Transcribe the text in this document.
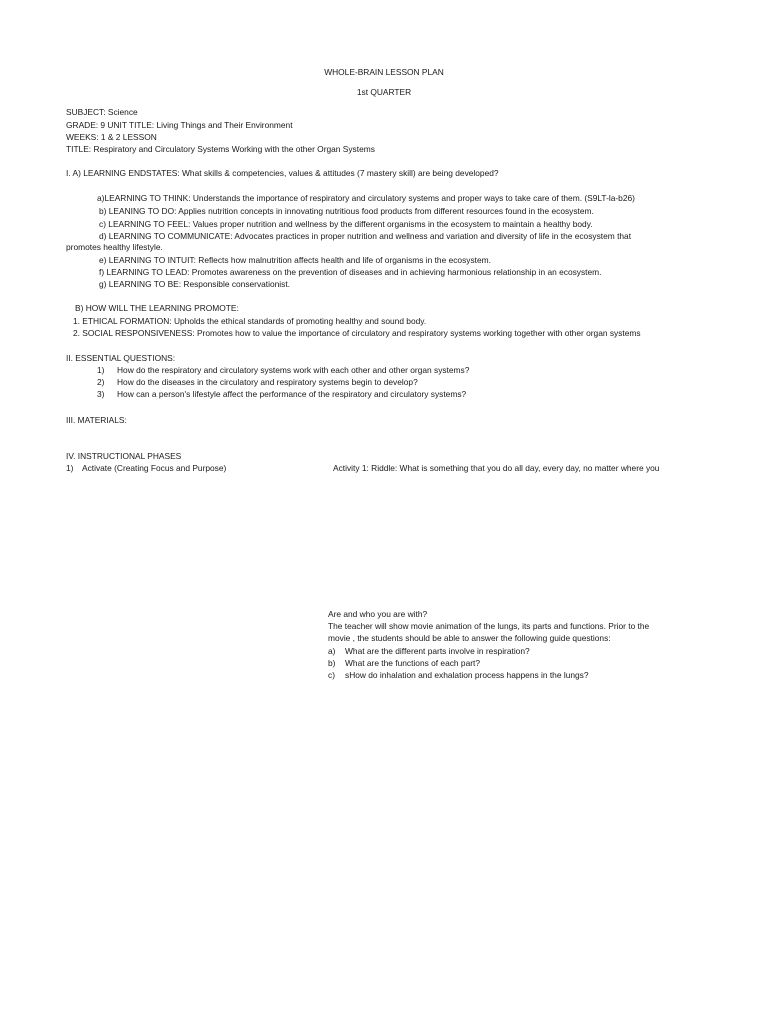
WHOLE-BRAIN LESSON PLAN
1st QUARTER
SUBJECT: Science
GRADE: 9 UNIT TITLE: Living Things and Their Environment
WEEKS: 1 & 2 LESSON
TITLE: Respiratory and Circulatory Systems Working with the other Organ Systems
I. A) LEARNING ENDSTATES: What skills & competencies, values & attitudes (7 mastery skill) are being developed?
a)LEARNING TO THINK: Understands the importance of respiratory and circulatory systems and proper ways to take care of them. (S9LT-la-b26)
b) LEANING TO DO: Applies nutrition concepts in innovating nutritious food products from different resources found in the ecosystem.
c) LEARNING TO FEEL: Values proper nutrition and wellness by the different organisms in the ecosystem to maintain a healthy body.
d) LEARNING TO COMMUNICATE: Advocates practices in proper nutrition and wellness and variation and diversity of life in the ecosystem that
promotes healthy lifestyle.
e) LEARNING TO INTUIT: Reflects how malnutrition affects health and life of organisms in the ecosystem.
f) LEARNING TO LEAD: Promotes awareness on the prevention of diseases and in achieving harmonious relationship in an ecosystem.
g) LEARNING TO BE: Responsible conservationist.
B) HOW WILL THE LEARNING PROMOTE:
1. ETHICAL FORMATION: Upholds the ethical standards of promoting healthy and sound body.
2. SOCIAL RESPONSIVENESS: Promotes how to value the importance of circulatory and respiratory systems working together with other organ systems
II. ESSENTIAL QUESTIONS:
1) How do the respiratory and circulatory systems work with each other and other organ systems?
2) How do the diseases in the circulatory and respiratory systems begin to develop?
3) How can a person's lifestyle affect the performance of the respiratory and circulatory systems?
III. MATERIALS:
IV. INSTRUCTIONAL PHASES
1) Activate (Creating Focus and Purpose)	Activity 1: Riddle: What is something that you do all day, every day, no matter where you
Are and who you are with?
The teacher will show movie animation of the lungs, its parts and functions. Prior to the
movie , the students should be able to answer the following guide questions:
a) What are the different parts involve in respiration?
b) What are the functions of each part?
c) sHow do inhalation and exhalation process happens in the lungs?
